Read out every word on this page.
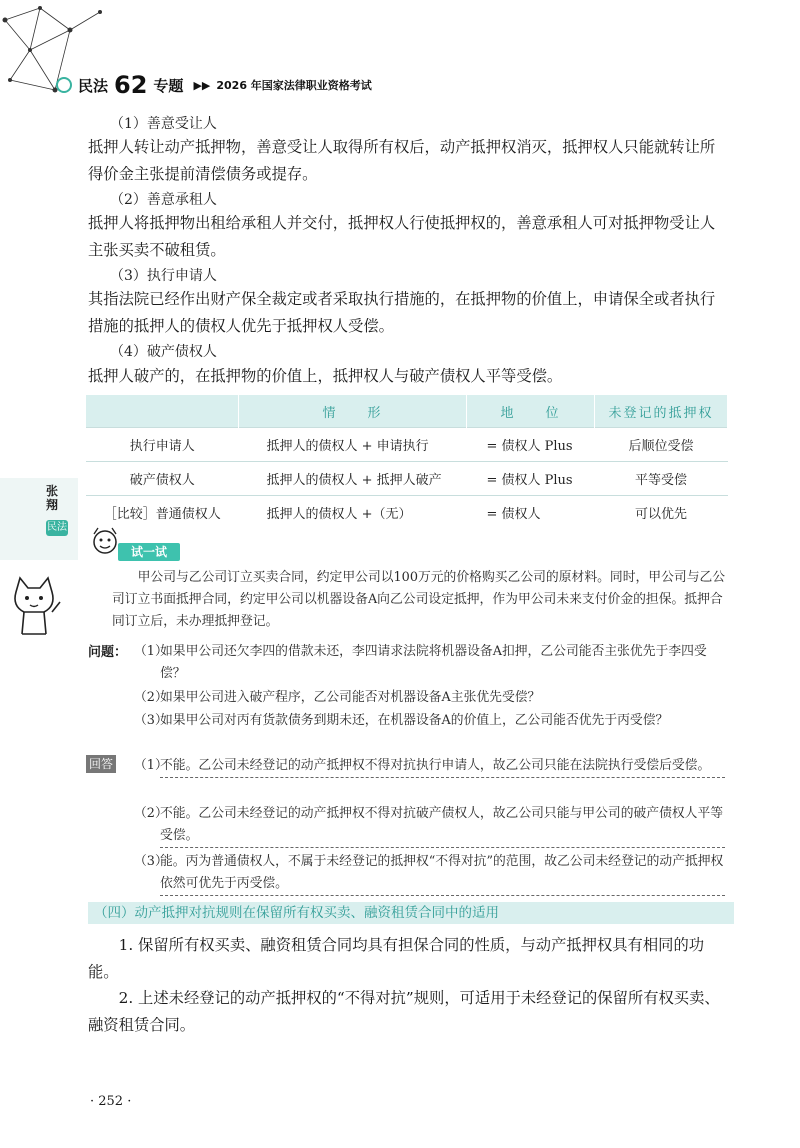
民法 62 专题 ▶▶ 2026 年国家法律职业资格考试
（1）善意受让人

抵押人转让动产抵押物，善意受让人取得所有权后，动产抵押权消灭，抵押权人只能就转让所得价金主张提前清偿债务或提存。

（2）善意承租人

抵押人将抵押物出租给承租人并交付，抵押权人行使抵押权的，善意承租人可对抵押物受让人主张买卖不破租赁。

（3）执行申请人

其指法院已经作出财产保全裁定或者采取执行措施的，在抵押物的价值上，申请保全或者执行措施的抵押人的债权人优先于抵押权人受偿。

（4）破产债权人

抵押人破产的，在抵押物的价值上，抵押权人与破产债权人平等受偿。

	情　　形	地　　位	未登记的抵押权
执行申请人	抵押人的债权人 + 申请执行	= 债权人 Plus	后顺位受偿
破产债权人	抵押人的债权人 + 抵押人破产	= 债权人 Plus	平等受偿
［比较］普通债权人	抵押人的债权人 +（无）	= 债权人	可以优先
张翔
民法
试一试
甲公司与乙公司订立买卖合同，约定甲公司以100万元的价格购买乙公司的原材料。同时，甲公司与乙公司订立书面抵押合同，约定甲公司以机器设备A向乙公司设定抵押，作为甲公司未来支付价金的担保。抵押合同订立后，未办理抵押登记。
问题： （1）
如果甲公司还欠李四的借款未还，李四请求法院将机器设备A扣押，乙公司能否主张优先于李四受偿？
（2）
如果甲公司进入破产程序，乙公司能否对机器设备A主张优先受偿？
（3）
如果甲公司对丙有货款债务到期未还，在机器设备A的价值上，乙公司能否优先于丙受偿？
回答 （1）
不能。乙公司未经登记的动产抵押权不得对抗执行申请人，故乙公司只能在法院执行受偿后受偿。
（2）
不能。乙公司未经登记的动产抵押权不得对抗破产债权人，故乙公司只能与甲公司的破产债权人平等受偿。
（3）
能。丙为普通债权人，不属于未经登记的抵押权“不得对抗”的范围，故乙公司未经登记的动产抵押权依然可优先于丙受偿。
（四）动产抵押对抗规则在保留所有权买卖、融资租赁合同中的适用

1. 保留所有权买卖、融资租赁合同均具有担保合同的性质，与动产抵押权具有相同的功能。

2. 上述未经登记的动产抵押权的“不得对抗”规则，可适用于未经登记的保留所有权买卖、融资租赁合同。

· 252 ·
